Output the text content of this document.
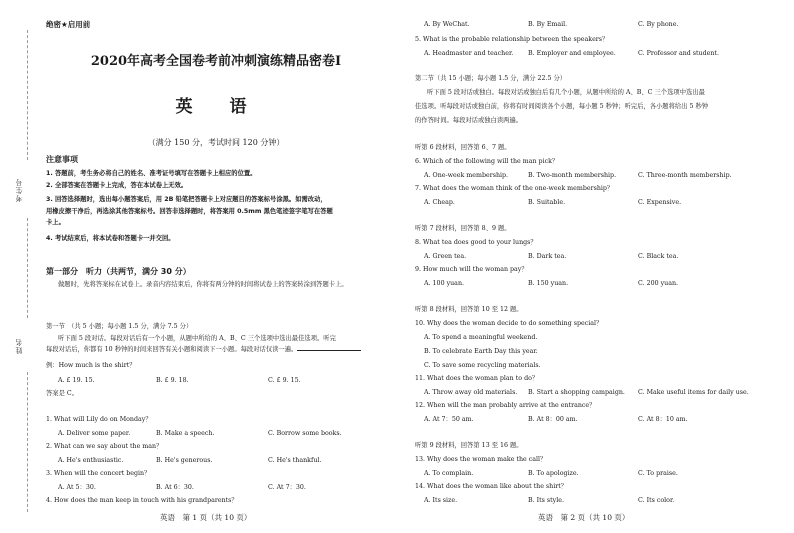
考生号
姓名
绝密★启用前
2020年高考全国卷考前冲刺演练精品密卷Ⅰ
英　语
（满分 150 分，考试时间 120 分钟）
注意事项
1. 答题前，考生务必将自己的姓名、准考证号填写在答题卡上相应的位置。
2. 全部答案在答题卡上完成，答在本试卷上无效。
3. 回答选择题时，选出每小题答案后，用 2B 铅笔把答题卡上对应题目的答案标号涂黑。如需改动，
用橡皮擦干净后，再选涂其他答案标号。回答非选择题时，将答案用 0.5mm 黑色笔迹签字笔写在答题
卡上。
4. 考试结束后，将本试卷和答题卡一并交回。
第一部分　听力（共两节，满分 30 分）
做题时，先将答案标在试卷上。录音内容结束后，你将有两分钟的时间将试卷上的答案转涂到答题卡上。
第一节　（共 5 小题；每小题 1.5 分，满分 7.5 分）
听下面 5 段对话。每段对话后有一个小题，从题中所给的 A、B、C 三个选项中选出最佳选项。听完
每段对话后，你都有 10 秒钟的时间来回答有关小题和阅读下一小题。每段对话仅读一遍。
例：How much is the shirt？
A. £ 19. 15.	B. £ 9. 18.	C. £ 9. 15.
答案是 C。
1. What will Lily do on Monday？
A. Deliver some paper.	B. Make a speech.	C. Borrow some books.
2. What can we say about the man？
A. He's enthusiastic.	B. He's generous.	C. He's thankful.
3. When will the concert begin？
A. At 5：30.	B. At 6：30.	C. At 7：30.
4. How does the man keep in touch with his grandparents？
英语　第 1 页（共 10 页）
A. By WeChat.	B. By Email.	C. By phone.
5. What is the probable relationship between the speakers？
A. Headmaster and teacher. B. Employer and employee.	C. Professor and student.
第二节（共 15 小题；每小题 1.5 分，满分 22.5 分）
听下面 5 段对话或独白。每段对话或独白后有几个小题，从题中所给的 A、B、C 三个选项中选出最
佳选项。听每段对话或独白前，你将有时间阅读各个小题，每小题 5 秒钟；听完后，各小题将给出 5 秒钟
的作答时间。每段对话或独白读两遍。
听第 6 段材料，回答第 6、7 题。
6. Which of the following will the man pick？
A. One-week membership.	B. Two-month membership.	C. Three-month membership.
7. What does the woman think of the one-week membership？
A. Cheap.	B. Suitable.	C. Expensive.
听第 7 段材料，回答第 8、9 题。
8. What tea does good to your lungs？
A. Green tea.	B. Dark tea.	C. Black tea.
9. How much will the woman pay？
A. 100 yuan.	B. 150 yuan.	C. 200 yuan.
听第 8 段材料，回答第 10 至 12 题。
10. Why does the woman decide to do something special？
A. To spend a meaningful weekend.
B. To celebrate Earth Day this year.
C. To save some recycling materials.
11. What does the woman plan to do？
A. Throw away old materials. B. Start a shopping campaign. C. Make useful items for daily use.
12. When will the man probably arrive at the entrance？
A. At 7：50 am.	B. At 8：00 am.	C. At 8：10 am.
听第 9 段材料，回答第 13 至 16 题。
13. Why does the woman make the call？
A. To complain.	B. To apologize.	C. To praise.
14. What does the woman like about the shirt？
A. Its size.	B. Its style.	C. Its color.
英语　第 2 页（共 10 页）
